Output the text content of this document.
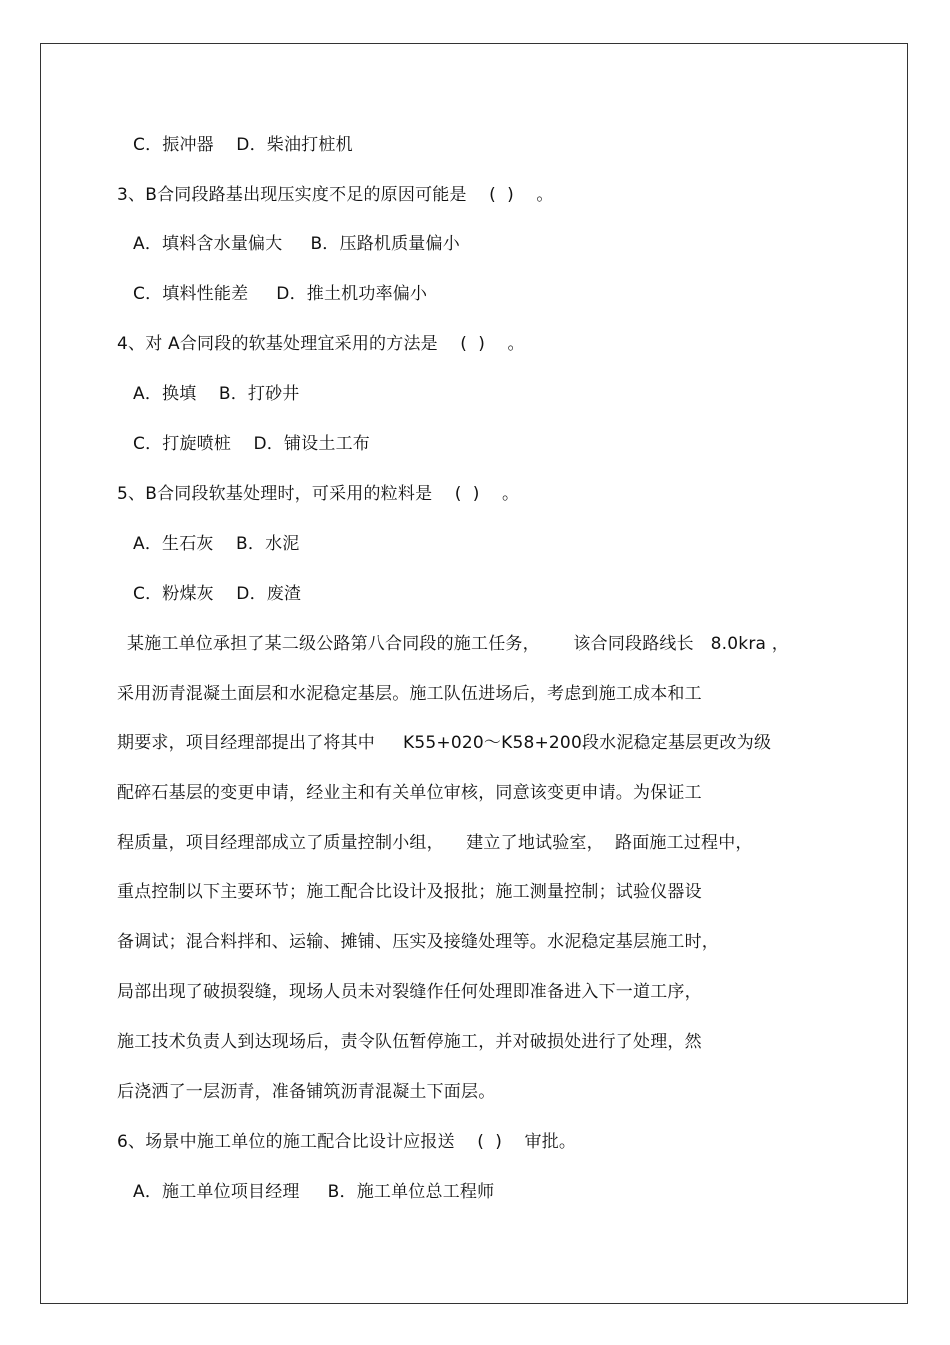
C．振冲器    D．柴油打桩机
3、B合同段路基出现压实度不足的原因可能是    (  )    。
A．填料含水量偏大     B．压路机质量偏小
C．填料性能差     D．推土机功率偏小
4、对 A合同段的软基处理宜采用的方法是    (  )    。
A．换填    B．打砂井
C．打旋喷桩    D．铺设土工布
5、B合同段软基处理时，可采用的粒料是    (  )    。
A．生石灰    B．水泥
C．粉煤灰    D．废渣
某施工单位承担了某二级公路第八合同段的施工任务，      该合同段路线长   8.0kra ，
采用沥青混凝土面层和水泥稳定基层。施工队伍进场后，考虑到施工成本和工
期要求，项目经理部提出了将其中     K55+020～K58+200段水泥稳定基层更改为级
配碎石基层的变更申请，经业主和有关单位审核，同意该变更申请。为保证工
程质量，项目经理部成立了质量控制小组，    建立了地试验室，  路面施工过程中，
重点控制以下主要环节；施工配合比设计及报批；施工测量控制；试验仪器设
备调试；混合料拌和、运输、摊铺、压实及接缝处理等。水泥稳定基层施工时，
局部出现了破损裂缝，现场人员未对裂缝作任何处理即准备进入下一道工序，
施工技术负责人到达现场后，责令队伍暂停施工，并对破损处进行了处理，然
后浇洒了一层沥青，准备铺筑沥青混凝土下面层。
6、场景中施工单位的施工配合比设计应报送    (  )    审批。
A．施工单位项目经理     B．施工单位总工程师
